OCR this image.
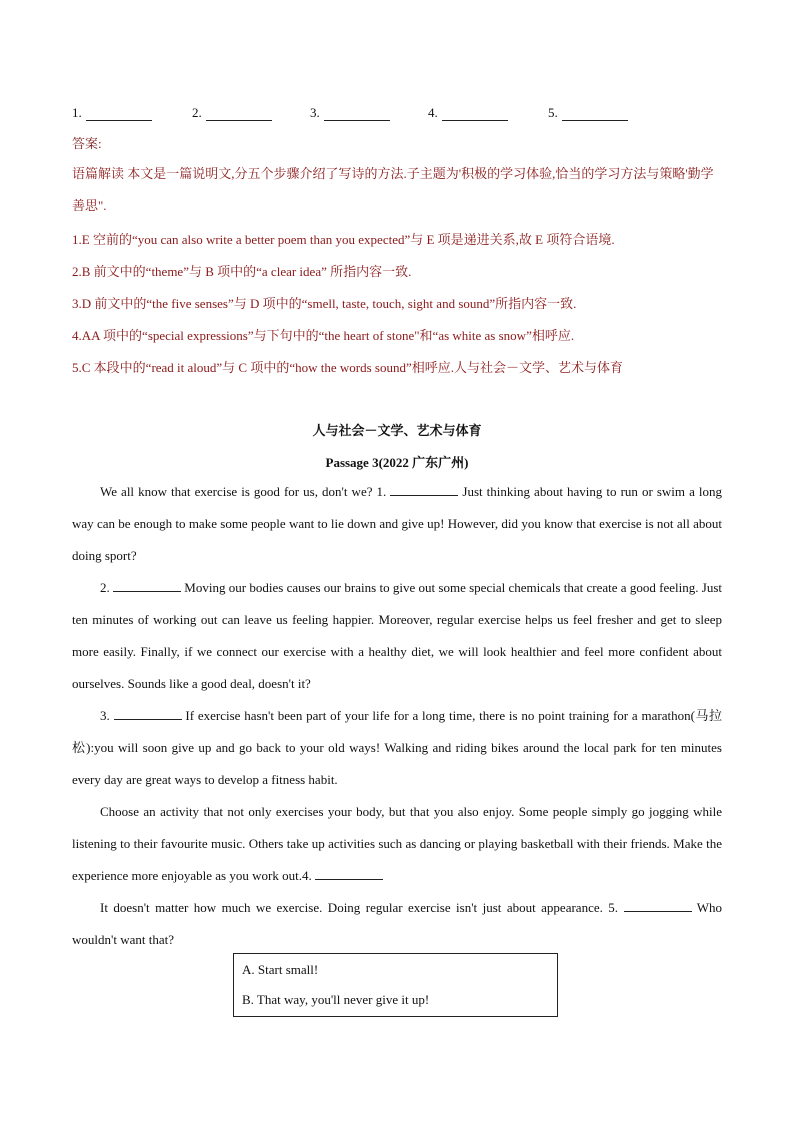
1.	2.	3.	4.	5.
答案:
语篇解读 本文是一篇说明文,分五个步骤介绍了写诗的方法.子主题为'积极的学习体验,恰当的学习方法与策略'勤学善思".
1.E 空前的“you can also write a better poem than you expected”与 E 项是递进关系,故 E 项符合语境.
2.B 前文中的“theme”与 B 项中的“a clear idea” 所指内容一致.
3.D 前文中的“the five senses”与 D 项中的“smell, taste, touch, sight and sound”所指内容一致.
4.AA 项中的“special expressions”与下句中的“the heart of stone"和“as white as snow”相呼应.
5.C 本段中的“read it aloud”与 C 项中的“how the words sound”相呼应.人与社会－文学、艺术与体育
人与社会－文学、艺术与体育
Passage 3(2022 广东广州)

We all know that exercise is good for us, don't we? 1.	Just thinking about having to run or swim a long way can be enough to make some people want to lie down and give up! However, did you know that exercise is not all about doing sport?

2.	Moving our bodies causes our brains to give out some special chemicals that create a good feeling. Just ten minutes of working out can leave us feeling happier. Moreover, regular exercise helps us feel fresher and get to sleep more easily. Finally, if we connect our exercise with a healthy diet, we will look healthier and feel more confident about ourselves. Sounds like a good deal, doesn't it?

3.	If exercise hasn't been part of your life for a long time, there is no point training for a marathon(马拉松):you will soon give up and go back to your old ways! Walking and riding bikes around the local park for ten minutes every day are great ways to develop a fitness habit.

Choose an activity that not only exercises your body, but that you also enjoy. Some people simply go jogging while listening to their favourite music. Others take up activities such as dancing or playing basketball with their friends. Make the experience more enjoyable as you work out.4.

It doesn't matter how much we exercise. Doing regular exercise isn't just about appearance. 5.	Who wouldn't want that?

A. Start small!
B. That way, you'll never give it up!
